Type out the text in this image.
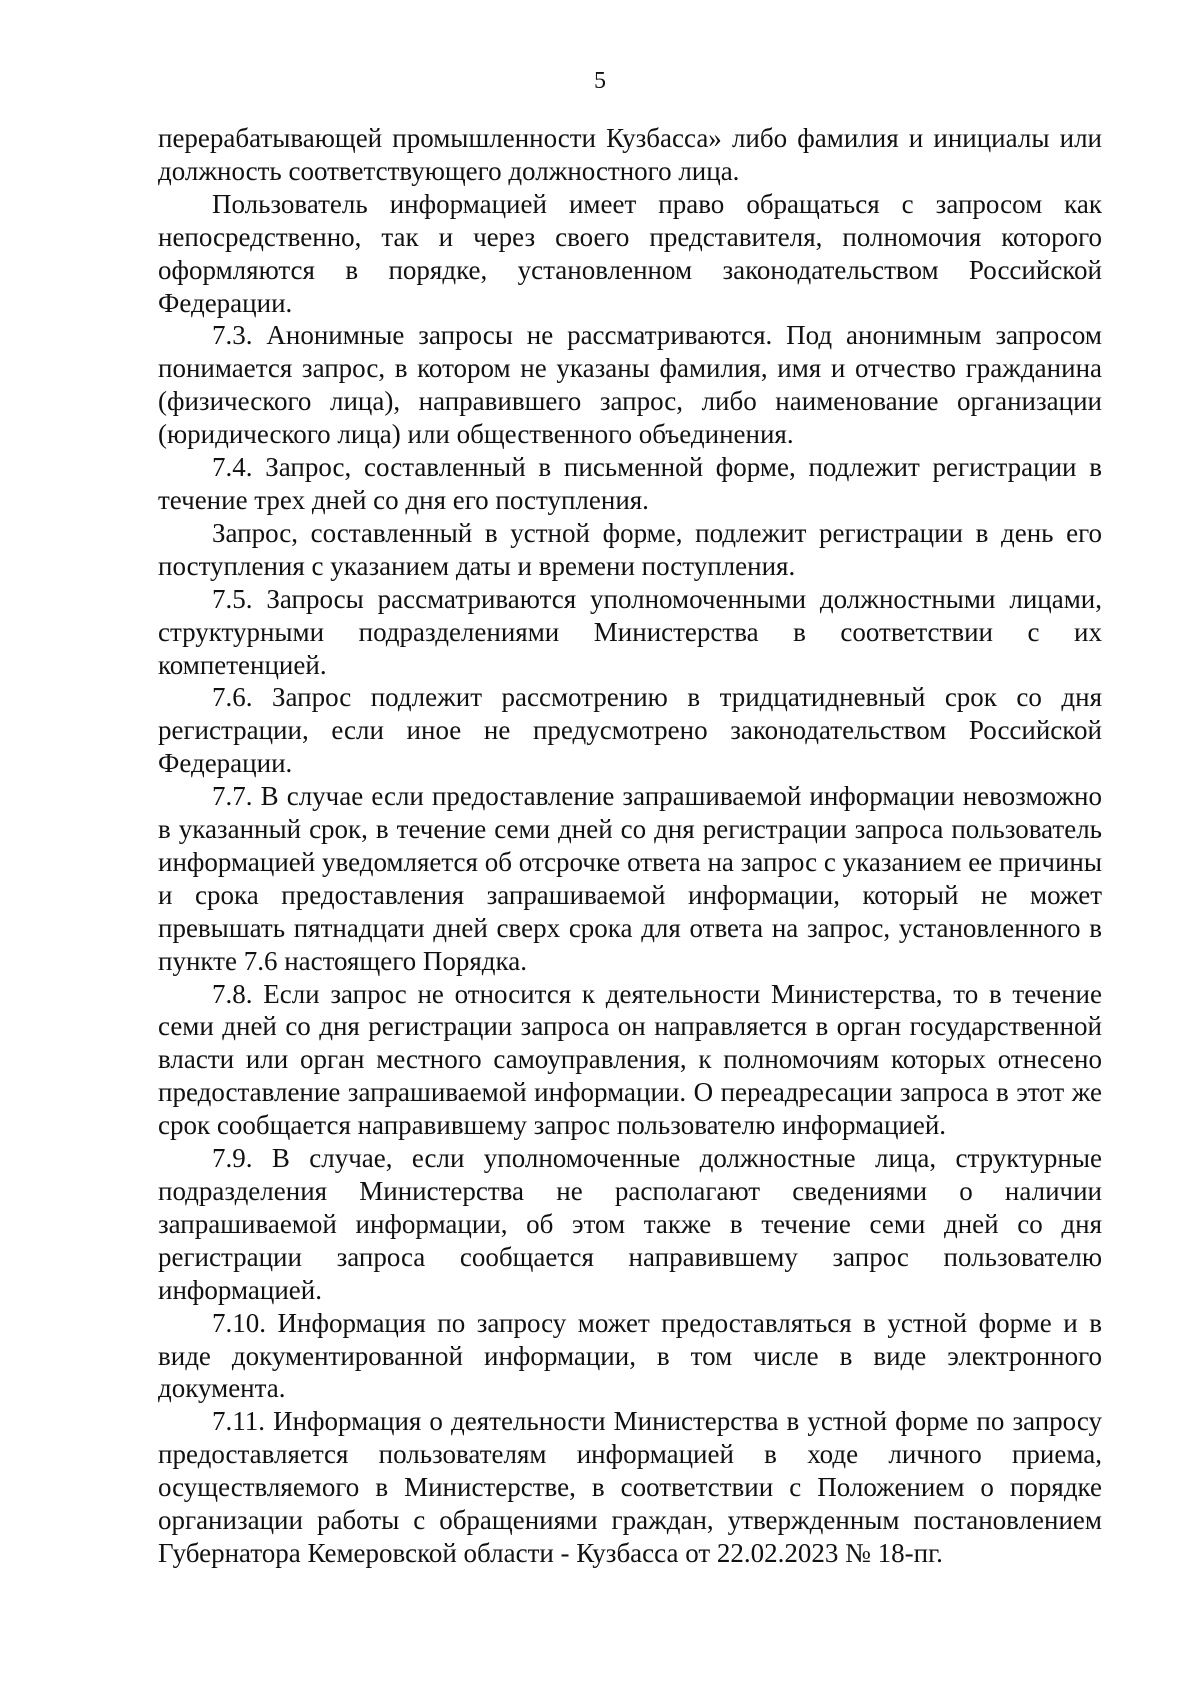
5

перерабатывающей промышленности Кузбасса» либо фамилия и инициалы или должность соответствующего должностного лица.

Пользователь информацией имеет право обращаться с запросом как непосредственно, так и через своего представителя, полномочия которого оформляются в порядке, установленном законодательством Российской Федерации.

7.3. Анонимные запросы не рассматриваются. Под анонимным запросом понимается запрос, в котором не указаны фамилия, имя и отчество гражданина (физического лица), направившего запрос, либо наименование организации (юридического лица) или общественного объединения.

7.4. Запрос, составленный в письменной форме, подлежит регистрации в течение трех дней со дня его поступления.

Запрос, составленный в устной форме, подлежит регистрации в день его поступления с указанием даты и времени поступления.

7.5. Запросы рассматриваются уполномоченными должностными лицами, структурными подразделениями Министерства в соответствии с их компетенцией.

7.6. Запрос подлежит рассмотрению в тридцатидневный срок со дня регистрации, если иное не предусмотрено законодательством Российской Федерации.

7.7. В случае если предоставление запрашиваемой информации невозможно в указанный срок, в течение семи дней со дня регистрации запроса пользователь информацией уведомляется об отсрочке ответа на запрос с указанием ее причины и срока предоставления запрашиваемой информации, который не может превышать пятнадцати дней сверх срока для ответа на запрос, установленного в пункте 7.6 настоящего Порядка.

7.8. Если запрос не относится к деятельности Министерства, то в течение семи дней со дня регистрации запроса он направляется в орган государственной власти или орган местного самоуправления, к полномочиям которых отнесено предоставление запрашиваемой информации. О переадресации запроса в этот же срок сообщается направившему запрос пользователю информацией.

7.9. В случае, если уполномоченные должностные лица, структурные подразделения Министерства не располагают сведениями о наличии запрашиваемой информации, об этом также в течение семи дней со дня регистрации запроса сообщается направившему запрос пользователю информацией.

7.10. Информация по запросу может предоставляться в устной форме и в виде документированной информации, в том числе в виде электронного документа.

7.11. Информация о деятельности Министерства в устной форме по запросу предоставляется пользователям информацией в ходе личного приема, осуществляемого в Министерстве, в соответствии с Положением о порядке организации работы с обращениями граждан, утвержденным постановлением Губернатора Кемеровской области - Кузбасса от 22.02.2023 № 18-пг.
